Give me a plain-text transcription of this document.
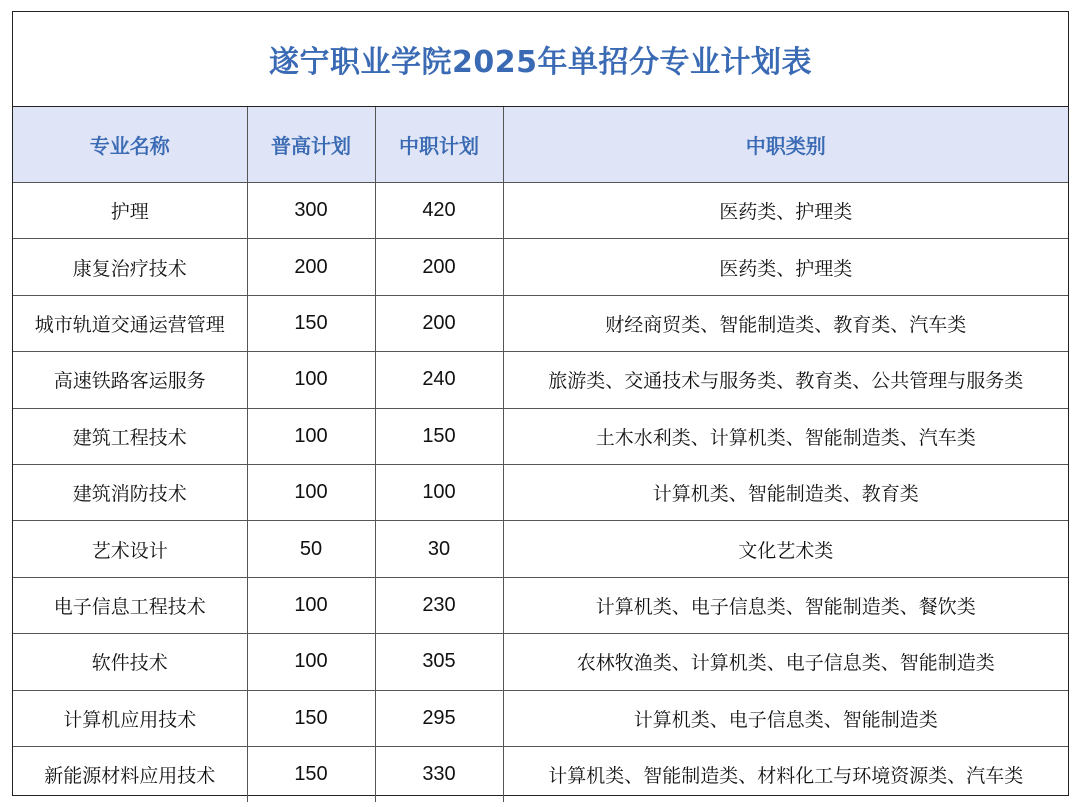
遂宁职业学院2025年单招分专业计划表
专业名称	普高计划	中职计划	中职类别
护理	300	420	医药类、护理类
康复治疗技术	200	200	医药类、护理类
城市轨道交通运营管理	150	200	财经商贸类、智能制造类、教育类、汽车类
高速铁路客运服务	100	240	旅游类、交通技术与服务类、教育类、公共管理与服务类
建筑工程技术	100	150	土木水利类、计算机类、智能制造类、汽车类
建筑消防技术	100	100	计算机类、智能制造类、教育类
艺术设计	50	30	文化艺术类
电子信息工程技术	100	230	计算机类、电子信息类、智能制造类、餐饮类
软件技术	100	305	农林牧渔类、计算机类、电子信息类、智能制造类
计算机应用技术	150	295	计算机类、电子信息类、智能制造类
新能源材料应用技术	150	330	计算机类、智能制造类、材料化工与环境资源类、汽车类
